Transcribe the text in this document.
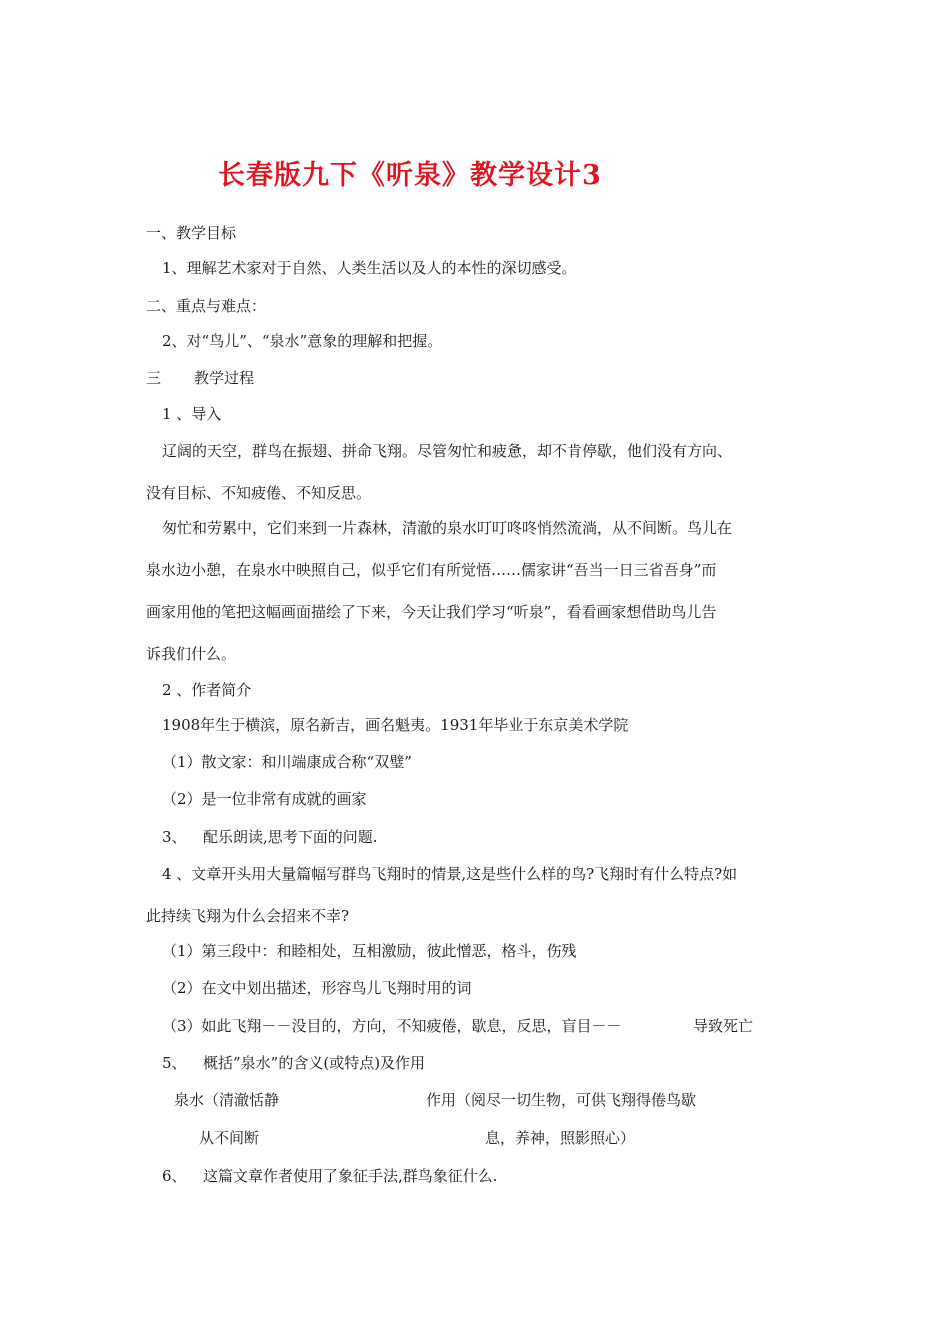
长春版九下《听泉》教学设计3
一、教学目标
1、理解艺术家对于自然、人类生活以及人的本性的深切感受。
二、重点与难点：
2、对“鸟儿”、“泉水”意象的理解和把握。
三 教学过程
1 、导入
辽阔的天空，群鸟在振翅、拼命飞翔。尽管匆忙和疲惫，却不肯停歇，他们没有方向、
没有目标、不知疲倦、不知反思。
匆忙和劳累中，它们来到一片森林，清澈的泉水叮叮咚咚悄然流淌，从不间断。鸟儿在
泉水边小憩，在泉水中映照自己，似乎它们有所觉悟……儒家讲“吾当一日三省吾身”而
画家用他的笔把这幅画面描绘了下来，今天让我们学习“听泉”，看看画家想借助鸟儿告
诉我们什么。
2 、作者简介
1908年生于横滨，原名新吉，画名魁夷。1931年毕业于东京美术学院
（1）散文家：和川端康成合称“双璧”
（2）是一位非常有成就的画家
3、 配乐朗读,思考下面的问题.
4 、文章开头用大量篇幅写群鸟飞翔时的情景,这是些什么样的鸟?飞翔时有什么特点?如
此持续飞翔为什么会招来不幸?
（1）第三段中：和睦相处，互相激励，彼此憎恶，格斗，伤残
（2）在文中划出描述，形容鸟儿飞翔时用的词
（3）如此飞翔－－没目的，方向，不知疲倦，歇息，反思，盲目－－	导致死亡
5、 概括”泉水”的含义(或特点)及作用
泉水（清澈恬静	作用（阅尽一切生物，可供飞翔得倦鸟歇
从不间断	息，养神，照影照心）
6、 这篇文章作者使用了象征手法,群鸟象征什么.
